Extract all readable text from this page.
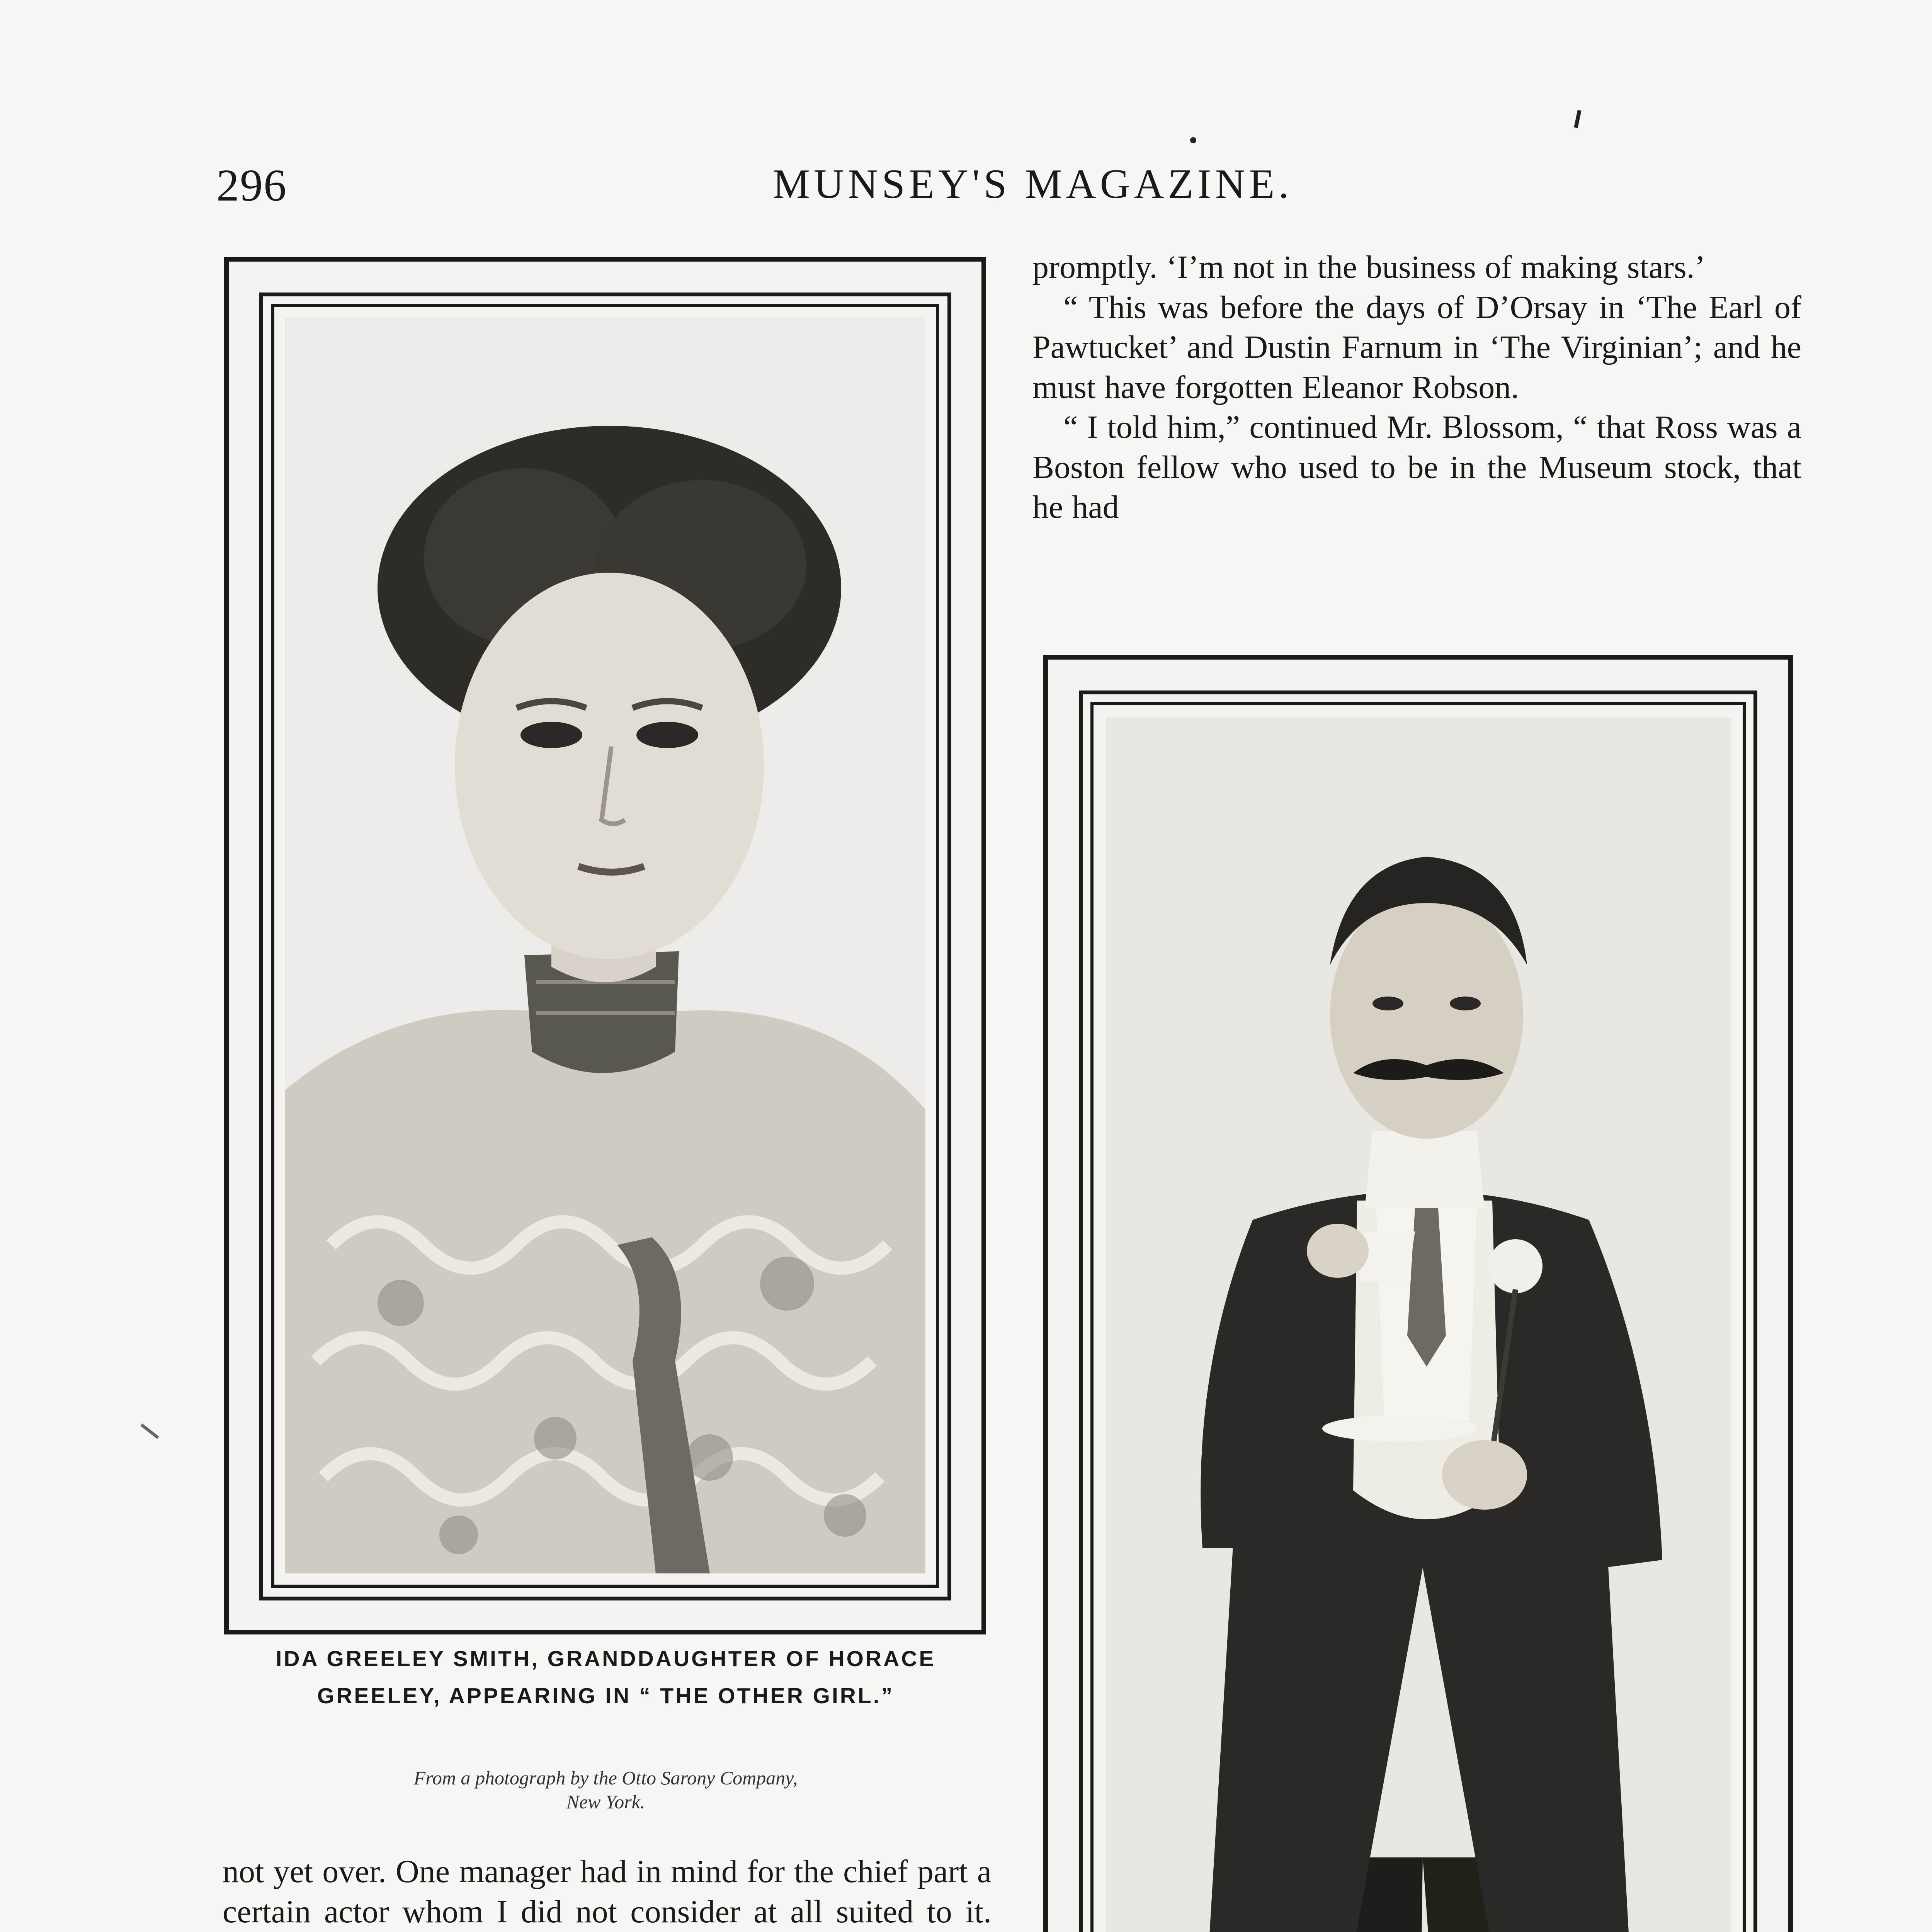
296	MUNSEY'S MAGAZINE.
IDA GREELEY SMITH, GRANDDAUGHTER OF HORACE GREELEY, APPEARING IN “ THE OTHER GIRL.”
From a photograph by the Otto Sarony Company,
New York.

not yet over. One manager had in mind for the chief part a certain actor whom I did not consider at all suited to it.

promptly. ‘I’m not in the business of making stars.’

“ This was before the days of D’Orsay in ‘The Earl of Pawtucket’ and Dustin Farnum in ‘The Virginian’; and he must have forgotten Eleanor Robson.

“ I told him,” continued Mr. Blossom, “ that Ross was a Boston fellow who used to be in the Museum stock, that he had
